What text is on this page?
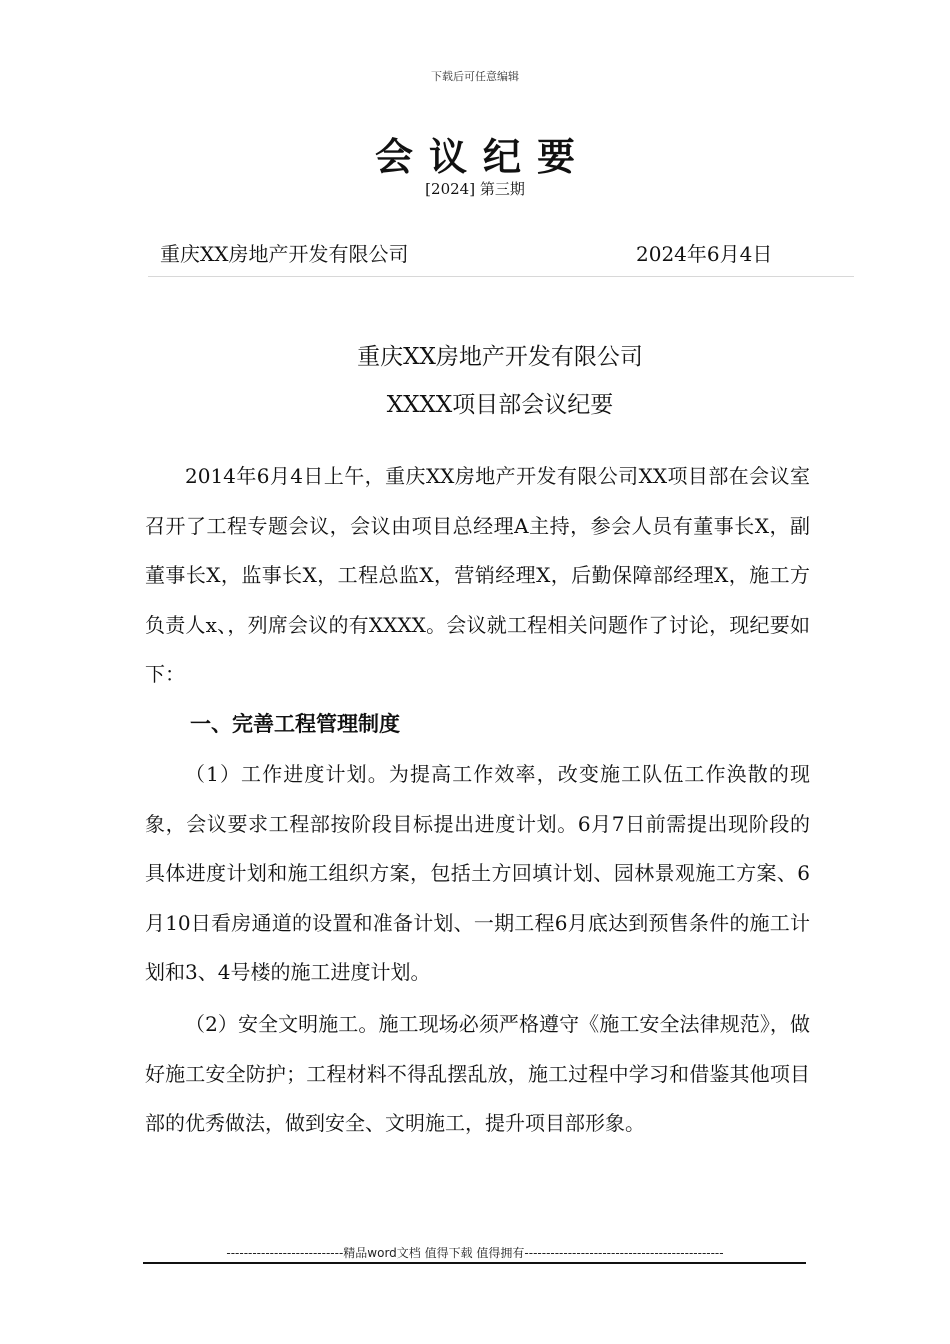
下载后可任意编辑
会议纪要
[2024] 第三期
重庆XX房地产开发有限公司	2024年6月4日
重庆XX房地产开发有限公司
XXXX项目部会议纪要

2014年6月4日上午，重庆XX房地产开发有限公司XX项目部在会议室召开了工程专题会议，会议由项目总经理A主持，参会人员有董事长X，副董事长X，监事长X，工程总监X，营销经理X，后勤保障部经理X，施工方负责人x、，列席会议的有XXXX。会议就工程相关问题作了讨论，现纪要如下：

一、完善工程管理制度

（1）工作进度计划。为提高工作效率，改变施工队伍工作涣散的现象，会议要求工程部按阶段目标提出进度计划。6月7日前需提出现阶段的具体进度计划和施工组织方案，包括土方回填计划、园林景观施工方案、6月10日看房通道的设置和准备计划、一期工程6月底达到预售条件的施工计划和3、4号楼的施工进度计划。

（2）安全文明施工。施工现场必须严格遵守《施工安全法律规范》，做好施工安全防护；工程材料不得乱摆乱放，施工过程中学习和借鉴其他项目部的优秀做法，做到安全、文明施工，提升项目部形象。

---------------------------精品word文档 值得下载 值得拥有----------------------------------------------
